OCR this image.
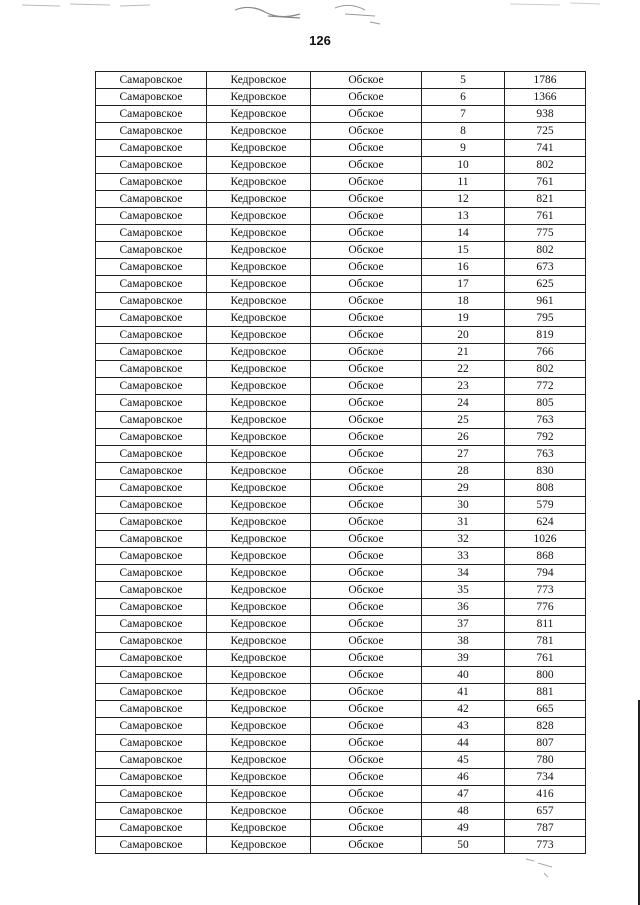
126
Самаровское	Кедровское	Обское	5	1786
Самаровское	Кедровское	Обское	6	1366
Самаровское	Кедровское	Обское	7	938
Самаровское	Кедровское	Обское	8	725
Самаровское	Кедровское	Обское	9	741
Самаровское	Кедровское	Обское	10	802
Самаровское	Кедровское	Обское	11	761
Самаровское	Кедровское	Обское	12	821
Самаровское	Кедровское	Обское	13	761
Самаровское	Кедровское	Обское	14	775
Самаровское	Кедровское	Обское	15	802
Самаровское	Кедровское	Обское	16	673
Самаровское	Кедровское	Обское	17	625
Самаровское	Кедровское	Обское	18	961
Самаровское	Кедровское	Обское	19	795
Самаровское	Кедровское	Обское	20	819
Самаровское	Кедровское	Обское	21	766
Самаровское	Кедровское	Обское	22	802
Самаровское	Кедровское	Обское	23	772
Самаровское	Кедровское	Обское	24	805
Самаровское	Кедровское	Обское	25	763
Самаровское	Кедровское	Обское	26	792
Самаровское	Кедровское	Обское	27	763
Самаровское	Кедровское	Обское	28	830
Самаровское	Кедровское	Обское	29	808
Самаровское	Кедровское	Обское	30	579
Самаровское	Кедровское	Обское	31	624
Самаровское	Кедровское	Обское	32	1026
Самаровское	Кедровское	Обское	33	868
Самаровское	Кедровское	Обское	34	794
Самаровское	Кедровское	Обское	35	773
Самаровское	Кедровское	Обское	36	776
Самаровское	Кедровское	Обское	37	811
Самаровское	Кедровское	Обское	38	781
Самаровское	Кедровское	Обское	39	761
Самаровское	Кедровское	Обское	40	800
Самаровское	Кедровское	Обское	41	881
Самаровское	Кедровское	Обское	42	665
Самаровское	Кедровское	Обское	43	828
Самаровское	Кедровское	Обское	44	807
Самаровское	Кедровское	Обское	45	780
Самаровское	Кедровское	Обское	46	734
Самаровское	Кедровское	Обское	47	416
Самаровское	Кедровское	Обское	48	657
Самаровское	Кедровское	Обское	49	787
Самаровское	Кедровское	Обское	50	773
